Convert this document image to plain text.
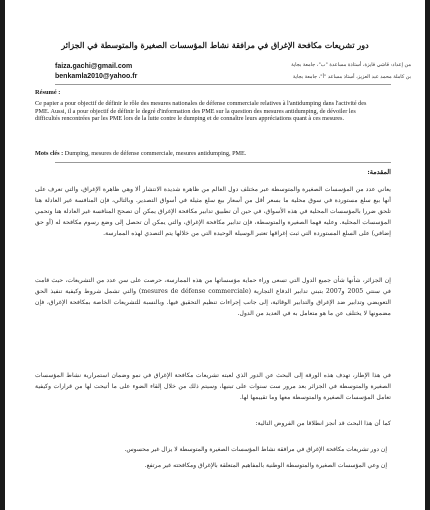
دور تشريعات مكافحة الإغراق في مرافقة نشاط المؤسسات الصغيرة والمتوسطة في الجزائر
من إعداد: قاشي فايزة، أستاذة مساعدة "ب"، جامعة بجاية
faiza.gachi@gmail.com
بن كاملة محمد عبد العزيز، أستاذ مساعد "أ"، جامعة بجاية
benkamla2010@yahoo.fr
Résumé :
Ce papier a pour objectif de définir le rôle des mesures nationales de défense commerciale relatives à l'antidumping dans l'activité des PME. Aussi, il a pour objectif de définir le degré d'information des PME sur la question des mesures antidumping, de dévoiler les difficultés rencontrées par les PME lors de la lutte contre le dumping et de connaître leurs appréciations quant à ces mesures.
Mots clés : Dumping, mesures de défense commerciale, mesures antidumping, PME.
المقدمة:
يعاني عدد من المؤسسات الصغيرة والمتوسطة عبر مختلف دول العالم من ظاهرة شديدة الانتشار ألا وهي ظاهرة الإغراق، والتي تعرف على أنها بيع سلع مستوردة في سوق محلية ما بسعر أقل من أسعار بيع سلع مثيلة في أسواق التصدير. وبالتالي، فإن المنافسة غير العادلة هنا تلحق ضررا بالمؤسسات المحلية في هذه الأسواق، في حين أن تطبيق تدابير مكافحة الإغراق يمكن أن تصحح المنافسة غير العادلة هنا وتحمي المؤسسات المحلية. وعليه فهما الصغيرة والمتوسطة، فإن تدابير مكافحة الإغراق، والتي يمكن أن تحصل إلى وضع رسوم مكافحة له (أو حق إضافي) على السلع المستوردة التي ثبت إغراقها تعتبر الوسيلة الوحيدة التي من خلالها يتم التصدي لهذه الممارسة.
إن الجزائر، شأنها شأن جميع الدول التي تسعى وراء حماية مؤسساتها من هذه الممارسة، حرصت على سن عدد من التشريعات، حيث قامت في سنتي 2005 و2007 بتبني تدابير الدفاع التجارية (mesures de défense commerciale) والتي تشمل شروط وكيفية تنفيذ الحق التعويضي وتدابير ضد الإغراق والتدابير الوقائية، إلى جانب إجراءات تنظيم التحقيق فيها. وبالنسبة للتشريعات الخاصة بمكافحة الإغراق، فإن مضمونها لا يختلف عن ما هو متعامل به في العديد من الدول.
في هذا الإطار، تهدف هذه الورقة إلى البحث عن الدور الذي لعبته تشريعات مكافحة الإغراق في نمو وضمان استمرارية نشاط المؤسسات الصغيرة والمتوسطة في الجزائر بعد مرور ست سنوات على تبنيها، وسيتم ذلك من خلال إلقاء الضوء على ما أتيحت لها من قرارات وكيفية تعامل المؤسسات الصغيرة والمتوسطة معها وما تقييمها لها.
كما أن هذا البحث قد أنجز انطلاقا من الفروض التالية:
إن دور تشريعات مكافحة الإغراق في مرافقة نشاط المؤسسات الصغيرة والمتوسطة لا يزال غير محسوس.
إن وعي المؤسسات الصغيرة والمتوسطة الوطنية بالمفاهيم المتعلقة بالإغراق ومكافحته غير مرتفع.
